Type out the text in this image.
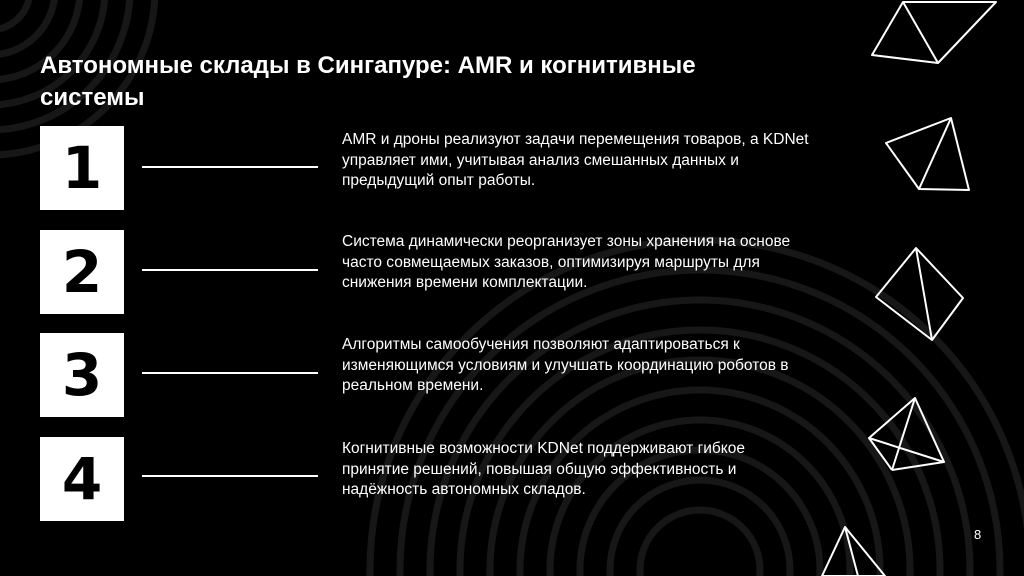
Автономные склады в Сингапуре: AMR и когнитивные системы
1	AMR и дроны реализуют задачи перемещения товаров, а KDNet управляет ими, учитывая анализ смешанных данных и предыдущий опыт работы.
2	Система динамически реорганизует зоны хранения на основе часто совмещаемых заказов, оптимизируя маршруты для снижения времени комплектации.
3	Алгоритмы самообучения позволяют адаптироваться к изменяющимся условиям и улучшать координацию роботов в реальном времени.
4	Когнитивные возможности KDNet поддерживают гибкое принятие решений, повышая общую эффективность и надёжность автономных складов.
8
